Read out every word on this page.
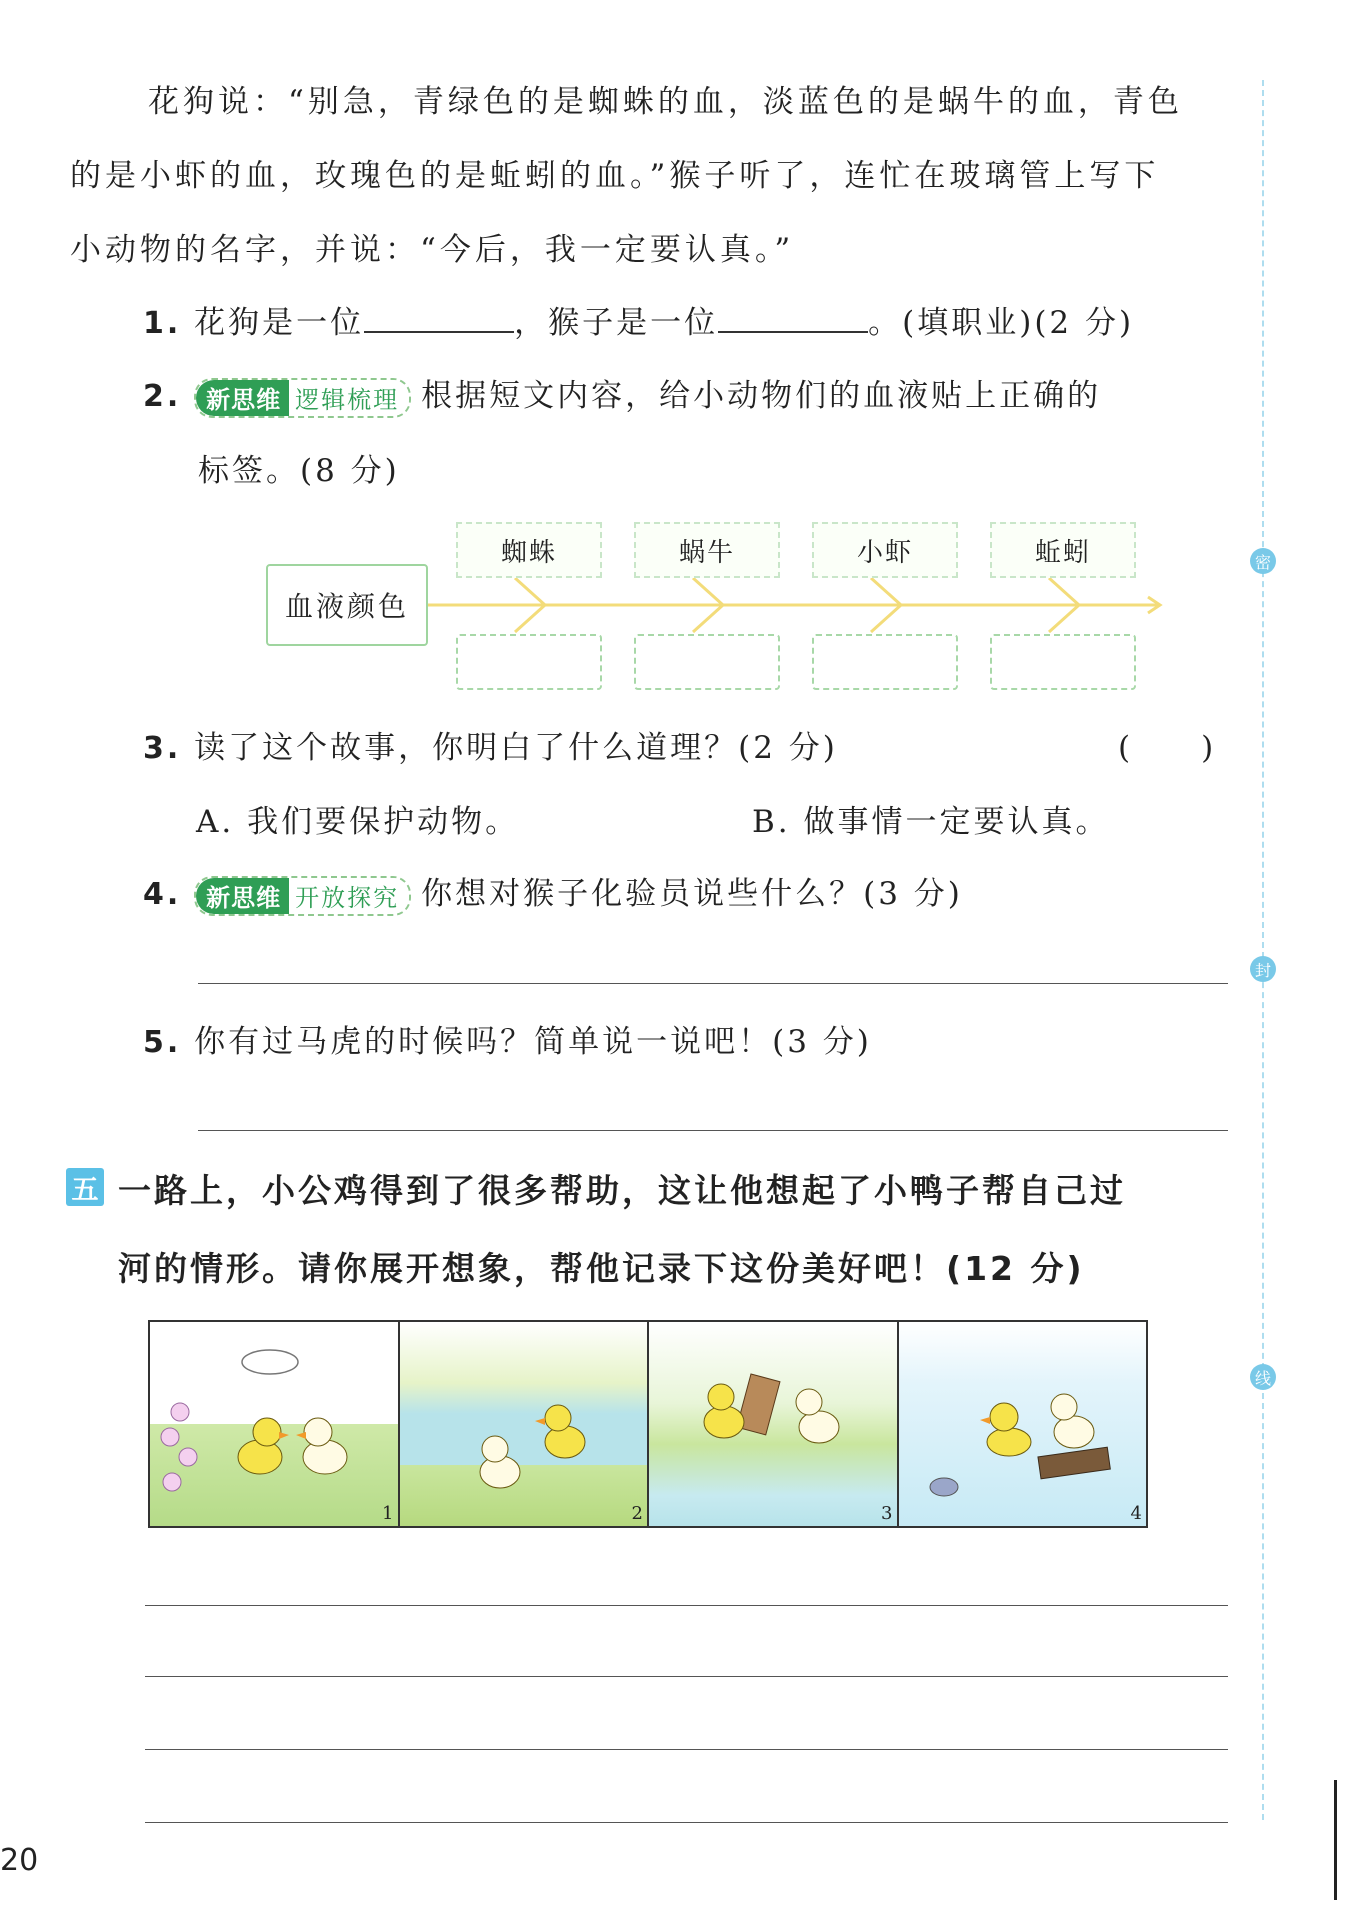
花狗说：“别急，青绿色的是蜘蛛的血，淡蓝色的是蜗牛的血，青色
的是小虾的血，玫瑰色的是蚯蚓的血。”猴子听了，连忙在玻璃管上写下
小动物的名字，并说：“今后，我一定要认真。”
1. 花狗是一位	，猴子是一位	。(填职业)(2 分)
2.	新思维 逻辑梳理 根据短文内容，给小动物们的血液贴上正确的
标签。(8 分)
血液颜色
蜘蛛	蜗牛	小虾	蚯蚓
3. 读了这个故事，你明白了什么道理？(2 分)	(　　)
A. 我们要保护动物。	B. 做事情一定要认真。
4.	新思维 开放探究 你想对猴子化验员说些什么？(3 分)
5. 你有过马虎的时候吗？简单说一说吧！(3 分)
五 一路上，小公鸡得到了很多帮助，这让他想起了小鸭子帮自己过
河的情形。请你展开想象，帮他记录下这份美好吧！(12 分)
1	2	3	4
密
封
线
20
